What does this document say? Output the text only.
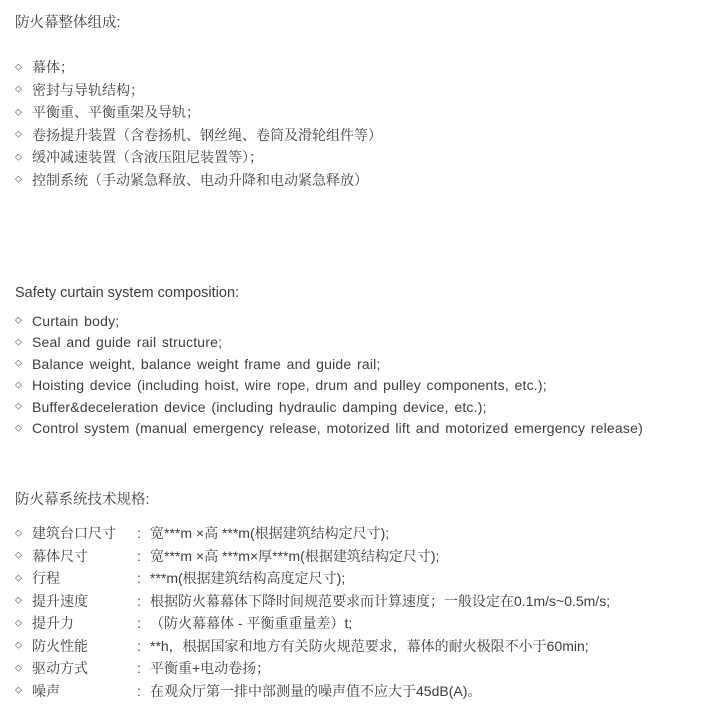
防火幕整体组成:
◇ 幕体；
◇ 密封与导轨结构；
◇ 平衡重、平衡重架及导轨；
◇ 卷扬提升装置（含卷扬机、钢丝绳、卷筒及滑轮组件等）
◇ 缓冲减速装置（含液压阻尼装置等）；
◇ 控制系统（手动紧急释放、电动升降和电动紧急释放）
Safety curtain system composition:
◇ Curtain body;
◇ Seal and guide rail structure;
◇ Balance weight, balance weight frame and guide rail;
◇ Hoisting device (including hoist, wire rope, drum and pulley components, etc.);
◇ Buffer&deceleration device (including hydraulic damping device, etc.);
◇ Control system (manual emergency release, motorized lift and motorized emergency release)
防火幕系统技术规格:
◇ 建筑台口尺寸	: 宽***m ×高 ***m(根据建筑结构定尺寸);
◇ 幕体尺寸	: 宽***m ×高 ***m×厚***m(根据建筑结构定尺寸);
◇ 行程	: ***m(根据建筑结构高度定尺寸);
◇ 提升速度	: 根据防火幕幕体下降时间规范要求而计算速度；一般设定在0.1m/s~0.5m/s;
◇ 提升力	: （防火幕幕体 - 平衡重重量差）t;
◇ 防火性能	: **h，根据国家和地方有关防火规范要求，幕体的耐火极限不小于60min;
◇ 驱动方式	: 平衡重+电动卷扬；
◇ 噪声	: 在观众厅第一排中部测量的噪声值不应大于45dB(A)。
